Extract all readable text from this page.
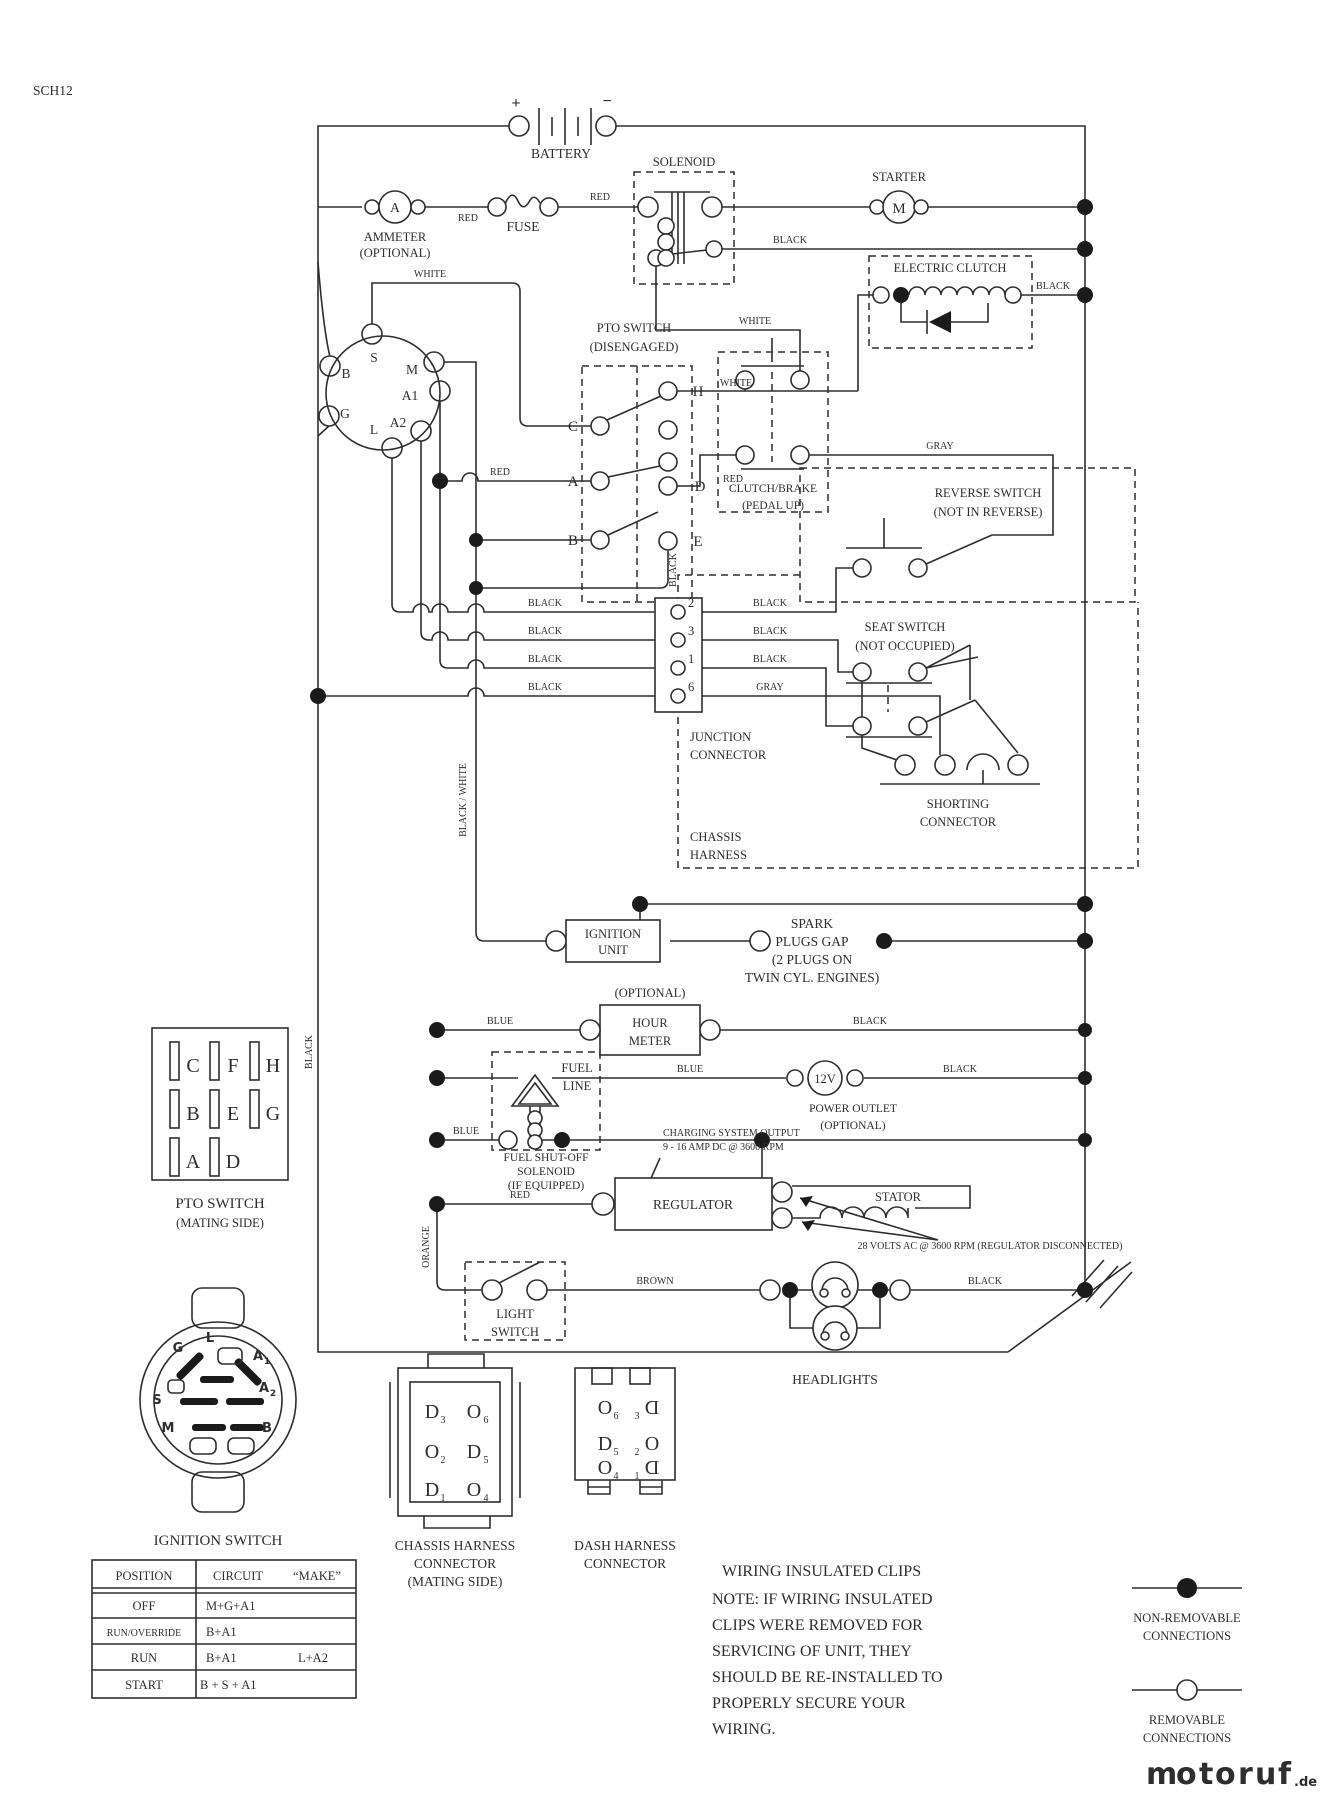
SCH12
+	−
BATTERY
A
AMMETER
(OPTIONAL)
RED
FUSE
RED
SOLENOID
STARTER
M
BLACK
ELECTRIC CLUTCH
BLACK
WHITE
S
B	M
A1
A2
L
G
PTO SWITCH
(DISENGAGED)
C
A
B
H
D
E
WHITE
RED
RED
WHITE
BLACK
CLUTCH/BRAKE
(PEDAL UP)
GRAY
REVERSE SWITCH
(NOT IN REVERSE)
SEAT SWITCH
(NOT OCCUPIED)
2
3
1
6
JUNCTION
CONNECTOR
CHASSIS
HARNESS
SHORTING
CONNECTOR
BLACK
BLACK
BLACK
BLACK
BLACK
BLACK
BLACK
GRAY
BLACK
BLACK / WHITE
IGNITION
UNIT
SPARK
PLUGS GAP
(2 PLUGS ON
TWIN CYL. ENGINES)
(OPTIONAL)
HOUR
METER
BLUE	BLACK
FUEL
LINE
BLUE
12V
BLACK
POWER OUTLET
(OPTIONAL)
BLUE
FUEL SHUT-OFF
SOLENOID
(IF EQUIPPED)
RED
CHARGING SYSTEM OUTPUT
9 - 16 AMP DC @ 3600 RPM
REGULATOR	STATOR
28 VOLTS AC @ 3600 RPM (REGULATOR DISCONNECTED)
ORANGE
LIGHT
SWITCH
BROWN	BLACK
HEADLIGHTS
C F H
B E G
A D
PTO SWITCH
(MATING SIDE)
G
L
A 1
A 2
S
M	B
IGNITION SWITCH
POSITION	CIRCUIT “MAKE”
OFF	M+G+A1
RUN/OVERRIDE B+A1
RUN	B+A1	L+A2
START	B + S + A1
D 3 O 6
O 2 D 5
D 1 O 4
CHASSIS HARNESS
CONNECTOR
(MATING SIDE)
O 6 3 D
D 5 2 O
O 4 1 D
DASH HARNESS
CONNECTOR	WIRING INSULATED CLIPS
NOTE: IF WIRING INSULATED
CLIPS WERE REMOVED FOR
SERVICING OF UNIT, THEY
SHOULD BE RE-INSTALLED TO
PROPERLY SECURE YOUR
WIRING.
NON-REMOVABLE
CONNECTIONS
REMOVABLE
CONNECTIONS
m
o t o r u f .de
